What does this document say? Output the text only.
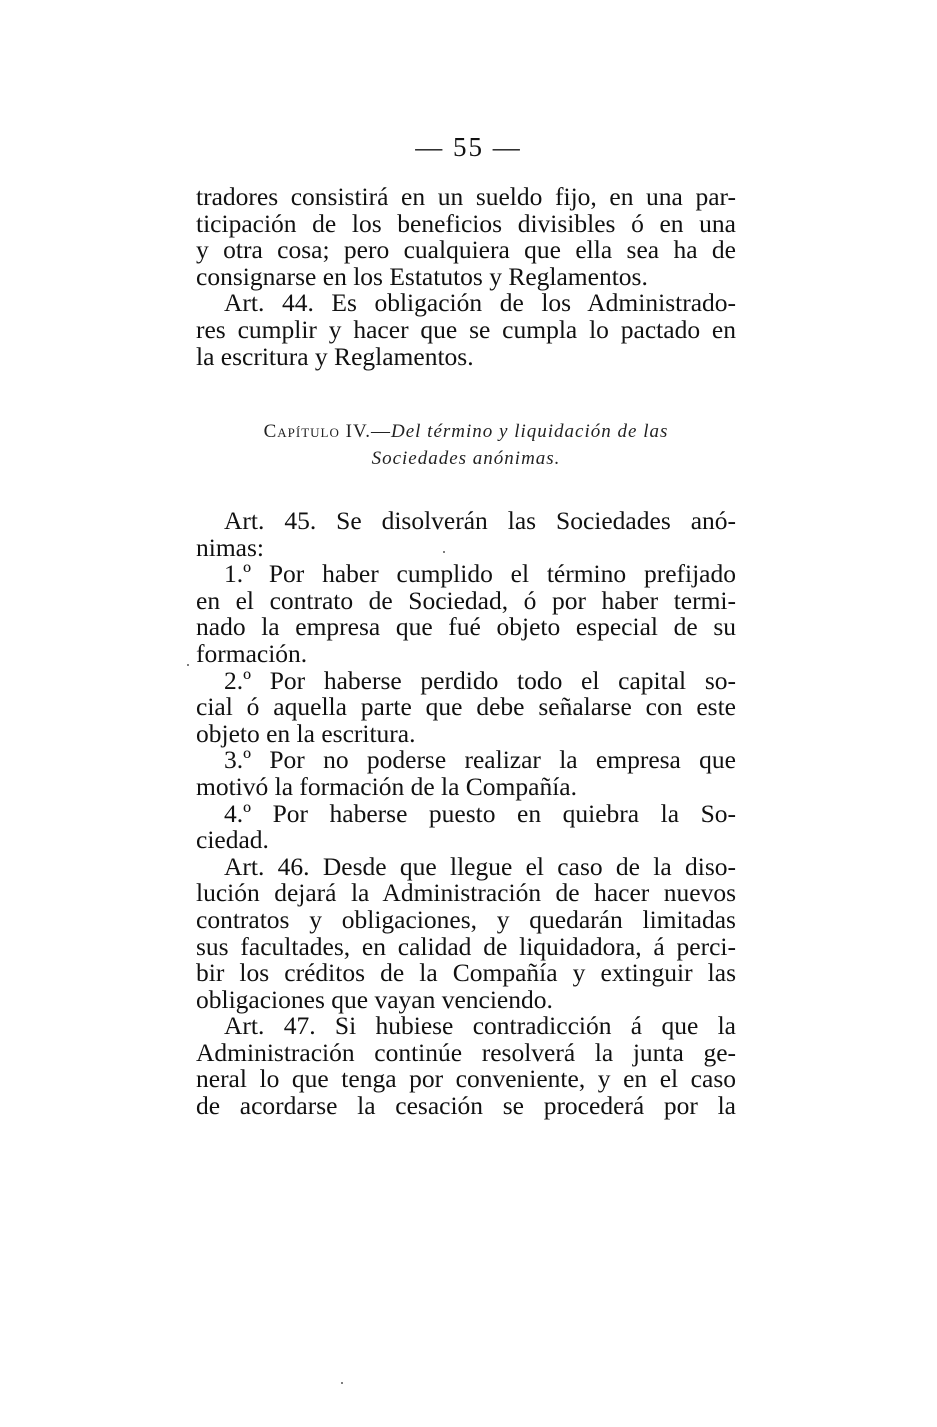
— 55 —
tradores consistirá en un sueldo fijo, en una par-
ticipación de los beneficios divisibles ó en una
y otra cosa; pero cualquiera que ella sea ha de
consignarse en los Estatutos y Reglamentos.
Art. 44. Es obligación de los Administrado-
res cumplir y hacer que se cumpla lo pactado en
la escritura y Reglamentos.
Capítulo IV.—Del término y liquidación de las
Sociedades anónimas.
Art. 45. Se disolverán las Sociedades anó-
nimas:
1.º Por haber cumplido el término prefijado
en el contrato de Sociedad, ó por haber termi-
nado la empresa que fué objeto especial de su
formación.
2.º Por haberse perdido todo el capital so-
cial ó aquella parte que debe señalarse con este
objeto en la escritura.
3.º Por no poderse realizar la empresa que
motivó la formación de la Compañía.
4.º Por haberse puesto en quiebra la So-
ciedad.
Art. 46. Desde que llegue el caso de la diso-
lución dejará la Administración de hacer nuevos
contratos y obligaciones, y quedarán limitadas
sus facultades, en calidad de liquidadora, á perci-
bir los créditos de la Compañía y extinguir las
obligaciones que vayan venciendo.
Art. 47. Si hubiese contradicción á que la
Administración continúe resolverá la junta ge-
neral lo que tenga por conveniente, y en el caso
de acordarse la cesación se procederá por la
